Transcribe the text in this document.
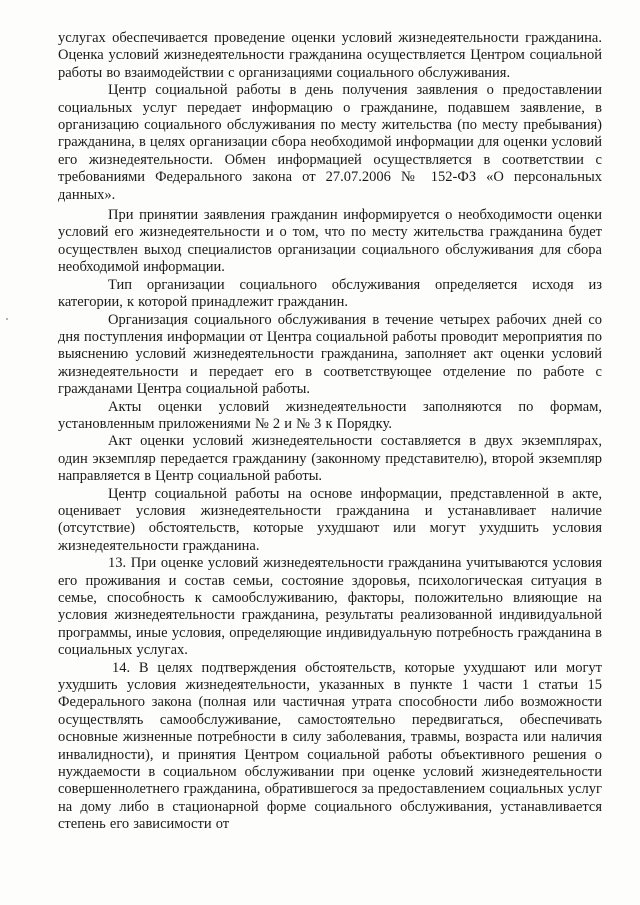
услугах обеспечивается проведение оценки условий жизнедеятельности гражданина. Оценка условий жизнедеятельности гражданина осуществляется Центром социальной работы во взаимодействии с организациями социального обслуживания.

Центр социальной работы в день получения заявления о предоставлении социальных услуг передает информацию о гражданине, подавшем заявление, в организацию социального обслуживания по месту жительства (по месту пребывания) гражданина, в целях организации сбора необходимой информации для оценки условий его жизнедеятельности. Обмен информацией осуществляется в соответствии с требованиями Федерального закона от 27.07.2006 № 152-ФЗ «О персональных данных».

При принятии заявления гражданин информируется о необходимости оценки условий его жизнедеятельности и о том, что по месту жительства гражданина будет осуществлен выход специалистов организации социального обслуживания для сбора необходимой информации.

Тип организации социального обслуживания определяется исходя из категории, к которой принадлежит гражданин.

Организация социального обслуживания в течение четырех рабочих дней со дня поступления информации от Центра социальной работы проводит мероприятия по выяснению условий жизнедеятельности гражданина, заполняет акт оценки условий жизнедеятельности и передает его в соответствующее отделение по работе с гражданами Центра социальной работы.

Акты оценки условий жизнедеятельности заполняются по формам, установленным приложениями № 2 и № 3 к Порядку.

Акт оценки условий жизнедеятельности составляется в двух экземплярах, один экземпляр передается гражданину (законному представителю), второй экземпляр направляется в Центр социальной работы.

Центр социальной работы на основе информации, представленной в акте, оценивает условия жизнедеятельности гражданина и устанавливает наличие (отсутствие) обстоятельств, которые ухудшают или могут ухудшить условия жизнедеятельности гражданина.

13. При оценке условий жизнедеятельности гражданина учитываются условия его проживания и состав семьи, состояние здоровья, психологическая ситуация в семье, способность к самообслуживанию, факторы, положительно влияющие на условия жизнедеятельности гражданина, результаты реализованной индивидуальной программы, иные условия, определяющие индивидуальную потребность гражданина в социальных услугах.

14. В целях подтверждения обстоятельств, которые ухудшают или могут ухудшить условия жизнедеятельности, указанных в пункте 1 части 1 статьи 15 Федерального закона (полная или частичная утрата способности либо возможности осуществлять самообслуживание, самостоятельно передвигаться, обеспечивать основные жизненные потребности в силу заболевания, травмы, возраста или наличия инвалидности), и принятия Центром социальной работы объективного решения о нуждаемости в социальном обслуживании при оценке условий жизнедеятельности совершеннолетнего гражданина, обратившегося за предоставлением социальных услуг на дому либо в стационарной форме социального обслуживания, устанавливается степень его зависимости от
